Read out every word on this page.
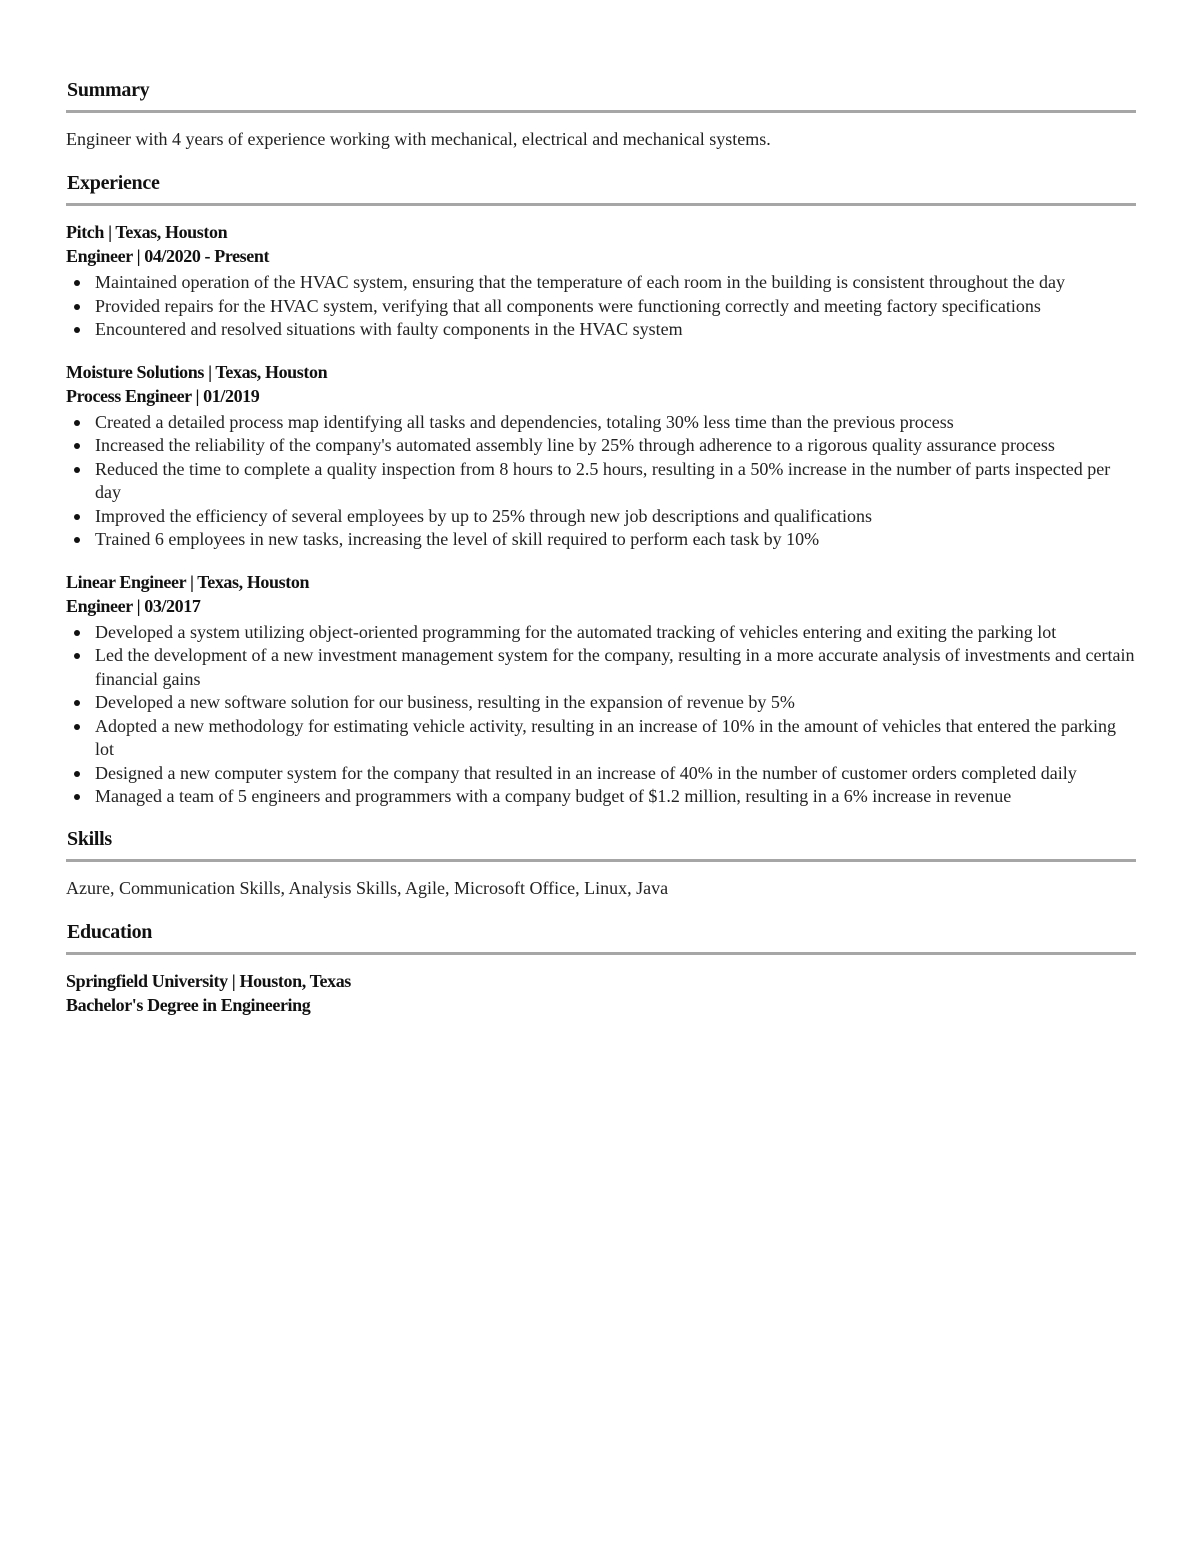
Summary

Engineer with 4 years of experience working with mechanical, electrical and mechanical systems.

Experience
Pitch | Texas, Houston
Engineer | 04/2020 - Present
Maintained operation of the HVAC system, ensuring that the temperature of each room in the building is consistent throughout the day
Provided repairs for the HVAC system, verifying that all components were functioning correctly and meeting factory specifications
Encountered and resolved situations with faulty components in the HVAC system
Moisture Solutions | Texas, Houston
Process Engineer | 01/2019
Created a detailed process map identifying all tasks and dependencies, totaling 30% less time than the previous process
Increased the reliability of the company's automated assembly line by 25% through adherence to a rigorous quality assurance process
Reduced the time to complete a quality inspection from 8 hours to 2.5 hours, resulting in a 50% increase in the number of parts inspected per day
Improved the efficiency of several employees by up to 25% through new job descriptions and qualifications
Trained 6 employees in new tasks, increasing the level of skill required to perform each task by 10%
Linear Engineer | Texas, Houston
Engineer | 03/2017
Developed a system utilizing object-oriented programming for the automated tracking of vehicles entering and exiting the parking lot
Led the development of a new investment management system for the company, resulting in a more accurate analysis of investments and certain financial gains
Developed a new software solution for our business, resulting in the expansion of revenue by 5%
Adopted a new methodology for estimating vehicle activity, resulting in an increase of 10% in the amount of vehicles that entered the parking lot
Designed a new computer system for the company that resulted in an increase of 40% in the number of customer orders completed daily
Managed a team of 5 engineers and programmers with a company budget of $1.2 million, resulting in a 6% increase in revenue
Skills

Azure, Communication Skills, Analysis Skills, Agile, Microsoft Office, Linux, Java

Education
Springfield University | Houston, Texas
Bachelor's Degree in Engineering
